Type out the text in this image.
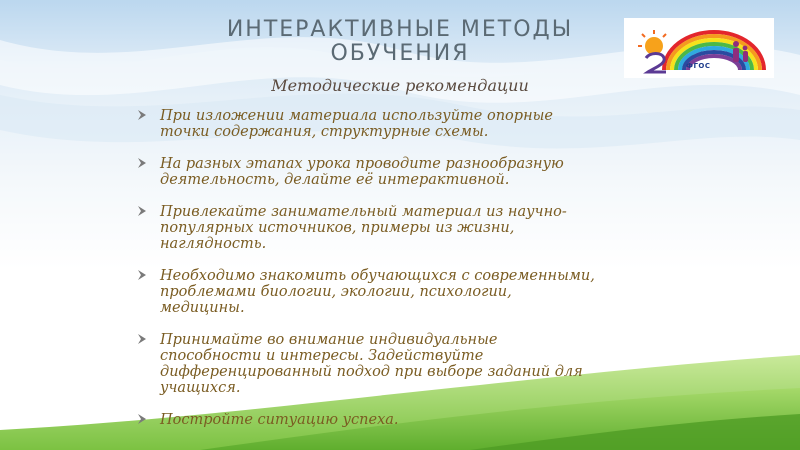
ИНТЕРАКТИВНЫЕ МЕТОДЫ
ОБУЧЕНИЯ
Методические рекомендации
При изложении материала используйте опорные
точки содержания, структурные схемы.
На разных этапах урока проводите разнообразную
деятельность, делайте её интерактивной.
Привлекайте занимательный материал из научно-
популярных источников, примеры из жизни,
наглядность.
Необходимо знакомить обучающихся с современными,
проблемами биологии, экологии, психологии,
медицины.
Принимайте во внимание индивидуальные
способности и интересы. Задействуйте
дифференцированный подход при выборе заданий для
учащихся.
Постройте ситуацию успеха.
ФГОС
